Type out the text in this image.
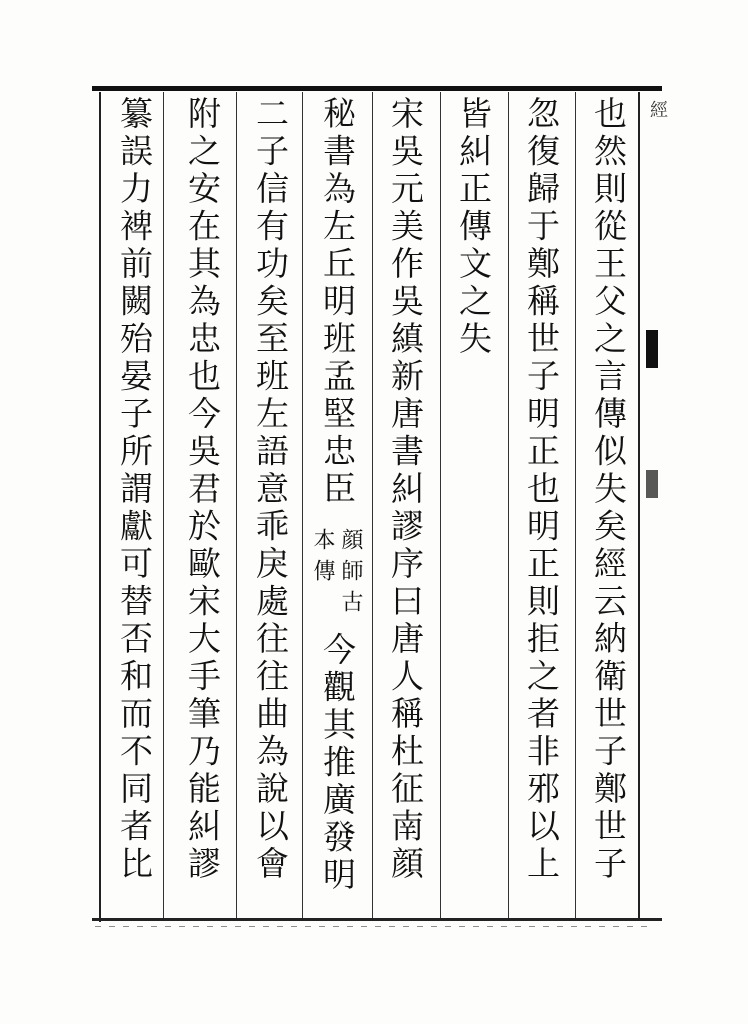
經
也然則從王父之言傳似失矣經云納衛世子鄭世子
忽復歸于鄭稱世子明正也明正則拒之者非邪以上
皆糾正傳文之失
宋吳元美作吳縝新唐書糾謬序曰唐人稱杜征南顔
秘書為左丘明班孟堅忠臣
顔師古
本傳
今觀其推廣發明
二子信有功矣至班左語意乖戾處往往曲為說以會
附之安在其為忠也今吳君於歐宋大手筆乃能糾謬
纂誤力裨前闕殆晏子所謂獻可替否和而不同者比
